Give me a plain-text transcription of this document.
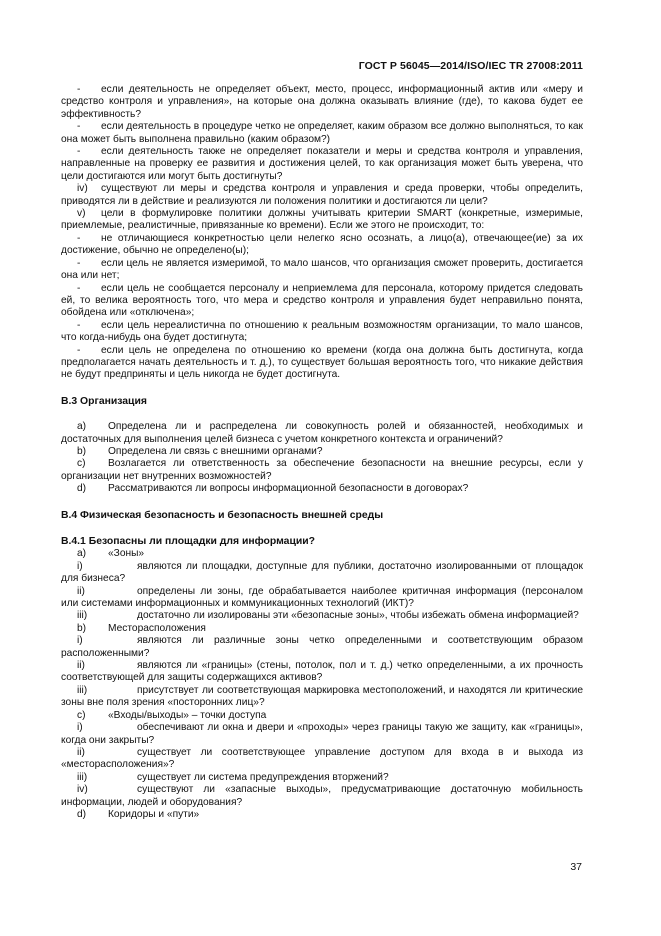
ГОСТ Р 56045—2014/ISO/IEC TR 27008:2011

- если деятельность не определяет объект, место, процесс, информационный актив или «меру и средство контроля и управления», на которые она должна оказывать влияние (где), то какова будет ее эффективность?

- если деятельность в процедуре четко не определяет, каким образом все должно выполняться, то как она может быть выполнена правильно (каким образом?)

- если деятельность также не определяет показатели и меры и средства контроля и управления, направленные на проверку ее развития и достижения целей, то как организация может быть уверена, что цели достигаются или могут быть достигнуты?

iv) существуют ли меры и средства контроля и управления и среда проверки, чтобы определить, приводятся ли в действие и реализуются ли положения политики и достигаются ли цели?

v) цели в формулировке политики должны учитывать критерии SMART (конкретные, измеримые, приемлемые, реалистичные, привязанные ко времени). Если же этого не происходит, то:

- не отличающиеся конкретностью цели нелегко ясно осознать, а лицо(а), отвечающее(ие) за их достижение, обычно не определено(ы);

- если цель не является измеримой, то мало шансов, что организация сможет проверить, достигается она или нет;

- если цель не сообщается персоналу и неприемлема для персонала, которому придется следовать ей, то велика вероятность того, что мера и средство контроля и управления будет неправильно понята, обойдена или «отключена»;

- если цель нереалистична по отношению к реальным возможностям организации, то мало шансов, что когда-нибудь она будет достигнута;

- если цель не определена по отношению ко времени (когда она должна быть достигнута, когда предполагается начать деятельность и т. д.), то существует большая вероятность того, что никакие действия не будут предприняты и цель никогда не будет достигнута.

B.3 Организация

a) Определена ли и распределена ли совокупность ролей и обязанностей, необходимых и достаточных для выполнения целей бизнеса с учетом конкретного контекста и ограничений?

b) Определена ли связь с внешними органами?

c) Возлагается ли ответственность за обеспечение безопасности на внешние ресурсы, если у организации нет внутренних возможностей?

d) Рассматриваются ли вопросы информационной безопасности в договорах?

B.4 Физическая безопасность и безопасность внешней среды
B.4.1 Безопасны ли площадки для информации?

a) «Зоны»

i)	являются ли площадки, доступные для публики, достаточно изолированными от площадок для бизнеса?

ii)	определены ли зоны, где обрабатывается наиболее критичная информация (персоналом или системами информационных и коммуникационных технологий (ИКТ)?

iii)	достаточно ли изолированы эти «безопасные зоны», чтобы избежать обмена информацией?

b) Месторасположения

i)	являются ли различные зоны четко определенными и соответствующим образом расположенными?

ii)	являются ли «границы» (стены, потолок, пол и т. д.) четко определенными, а их прочность соответствующей для защиты содержащихся активов?

iii)	присутствует ли соответствующая маркировка местоположений, и находятся ли критические зоны вне поля зрения «посторонних лиц»?

c) «Входы/выходы» – точки доступа

i)	обеспечивают ли окна и двери и «проходы» через границы такую же защиту, как «границы», когда они закрыты?

ii)	существует ли соответствующее управление доступом для входа в и выхода из «месторасположения»?

iii)	существует ли система предупреждения вторжений?

iv)	существуют ли «запасные выходы», предусматривающие достаточную мобильность информации, людей и оборудования?

d) Коридоры и «пути»

37
